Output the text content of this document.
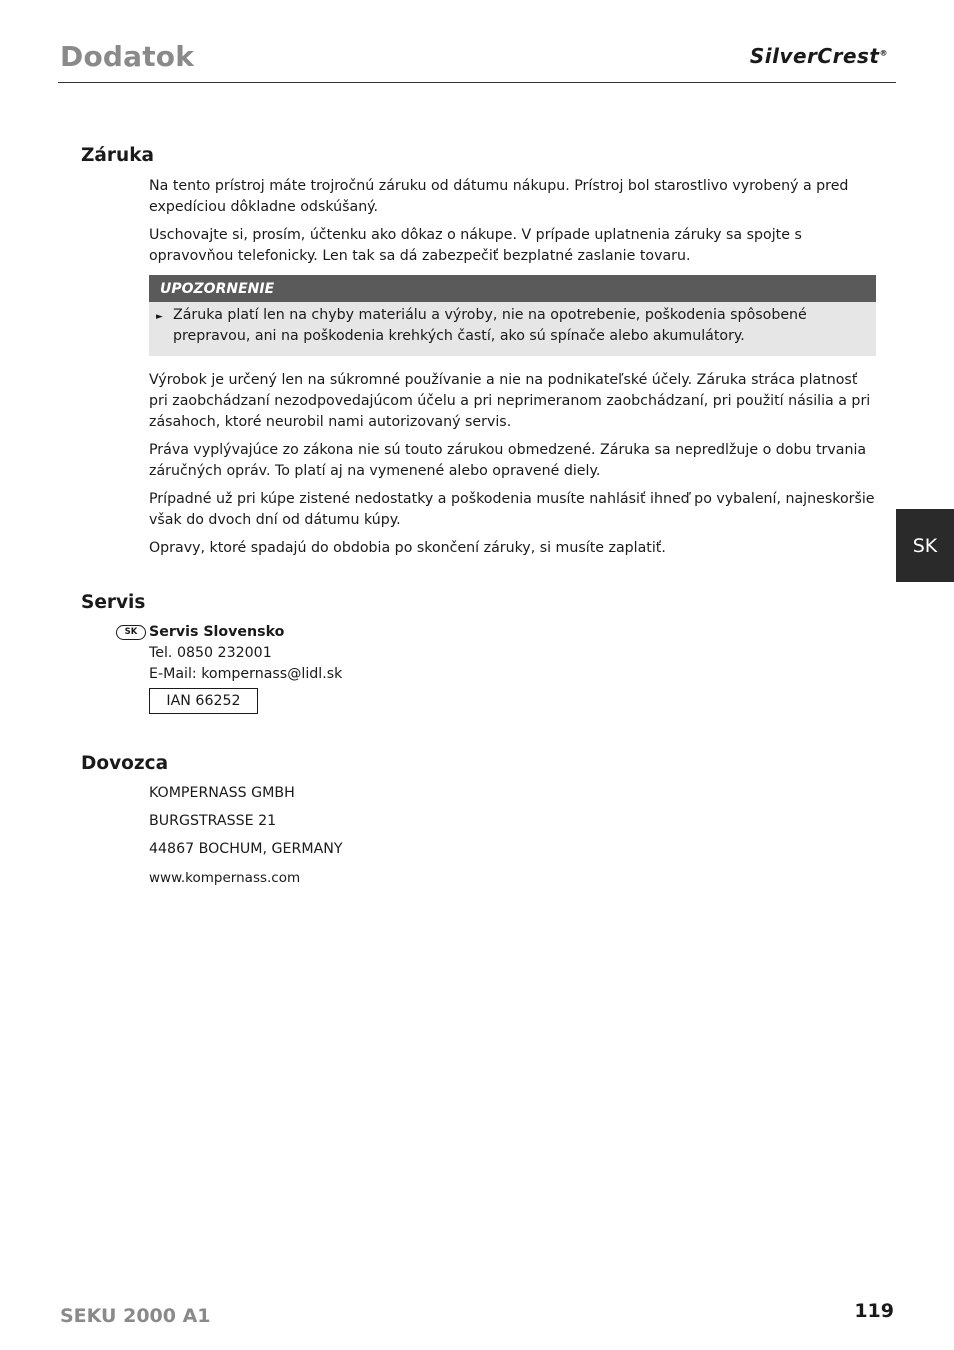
Dodatok	SilverCrest®
Záruka

Na tento prístroj máte trojročnú záruku od dátumu nákupu. Prístroj bol starostlivo vyrobený a pred expedíciou dôkladne odskúšaný.

Uschovajte si, prosím, účtenku ako dôkaz o nákupe. V prípade uplatnenia záruky sa spojte s opravovňou telefonicky. Len tak sa dá zabezpečiť bezplatné zaslanie tovaru.

UPOZORNENIE
► Záruka platí len na chyby materiálu a výroby, nie na opotrebenie, poškodenia spôsobené prepravou, ani na poškodenia krehkých častí, ako sú spínače alebo akumulátory.

Výrobok je určený len na súkromné používanie a nie na podnikateľské účely. Záruka stráca platnosť pri zaobchádzaní nezodpovedajúcom účelu a pri neprimeranom zaobchádzaní, pri použití násilia a pri zásahoch, ktoré neurobil nami autorizovaný servis.

Práva vyplývajúce zo zákona nie sú touto zárukou obmedzené. Záruka sa nepredlžuje o dobu trvania záručných opráv. To platí aj na vymenené alebo opravené diely.

Prípadné už pri kúpe zistené nedostatky a poškodenia musíte nahlásiť ihneď po vybalení, najneskoršie však do dvoch dní od dátumu kúpy.

Opravy, ktoré spadajú do obdobia po skončení záruky, si musíte zaplatiť.	SK
Servis
SK Servis Slovensko
Tel. 0850 232001
E-Mail: kompernass@lidl.sk
IAN 66252
Dovozca
KOMPERNASS GMBH
BURGSTRASSE 21
44867 BOCHUM, GERMANY
www.kompernass.com
SEKU 2000 A1	119
